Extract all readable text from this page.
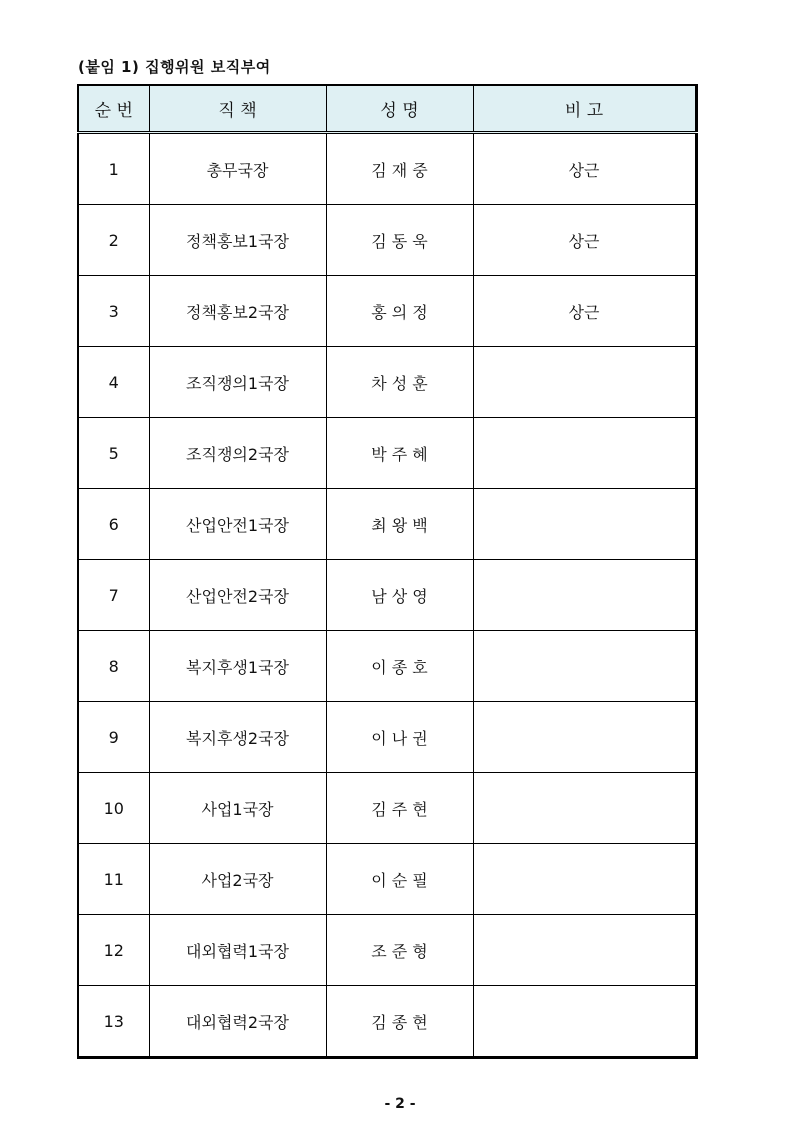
(붙임 1) 집행위원 보직부여
순 번	직 책	성 명	비 고
1	총무국장	김 재 중	상근
2	정책홍보1국장	김 동 욱	상근
3	정책홍보2국장	홍 의 정	상근
4	조직쟁의1국장	차 성 훈	
5	조직쟁의2국장	박 주 혜	
6	산업안전1국장	최 왕 백	
7	산업안전2국장	남 상 영	
8	복지후생1국장	이 종 호	
9	복지후생2국장	이 나 권	
10	사업1국장	김 주 현	
11	사업2국장	이 순 필	
12	대외협력1국장	조 준 형	
13	대외협력2국장	김 종 현	
- 2 -
